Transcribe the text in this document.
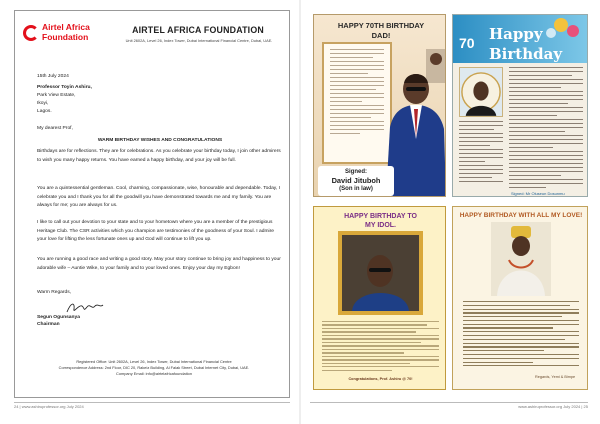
Airtel Africa Foundation
AIRTEL AFRICA FOUNDATION
Unit 2602A, Level 26, Index Tower, Dubai International Financial Centre, Dubai, UAE.
15th July 2024
Professor Toyin Ashiru,
Park View Estate,
Ikoyi,
Lagos.
My dearest Prof,
WARM BIRTHDAY WISHES AND CONGRATULATIONS
Birthdays are for reflections. They are for celebrations. As you celebrate your birthday today, I join other admirers to wish you many happy returns. You have earned a happy birthday, and your joy will be full.
You are a quintessential gentleman. Cool, charming, compassionate, wise, honourable and dependable. Today, I celebrate you and I thank you for all the goodwill you have demonstrated towards me and my family. You are always for me; you are always for us.
I like to call out your devotion to your state and to your hometown where you are a member of the prestigious Heritage Club. The CSR activities which you champion are testimonies of the goodness of your Soul. I admire your love for lifting the less fortunate ones up and God will continue to lift you up.
You are running a good race and writing a good story. May your story continue to bring joy and happiness to your adorable wife – Auntie Wike, to your family and to your loved ones. Enjoy your day my Egbon!
Warm Regards,
Segun Ogunsanya
Chairman
Registered Office: Unit 2602A, Level 26, Index Tower, Dubai International Financial Centre
Correspondence Address: 2nd Floor, DIC 20, Rakeiz Building, Al Falak Street, Dubai Internet City, Dubai, UAE.
Company Email: info@airtelafricafoundation
HAPPY 70TH BIRTHDAY
DAD!
Signed:
David Jituboh
(Son in law)
70 Happy
Birthday
Signed: Mr Oluseun Dosunmu
HAPPY BIRTHDAY TO
MY IDOL.
Congratulations, Prof. Ashiru @ 70!
HAPPY BIRTHDAY WITH ALL MY LOVE!
Regards, Yemi & Bimpe
24 | www.ashiruprofessor.org July 2024	www.ashiruprofessor.org July 2024 | 25
